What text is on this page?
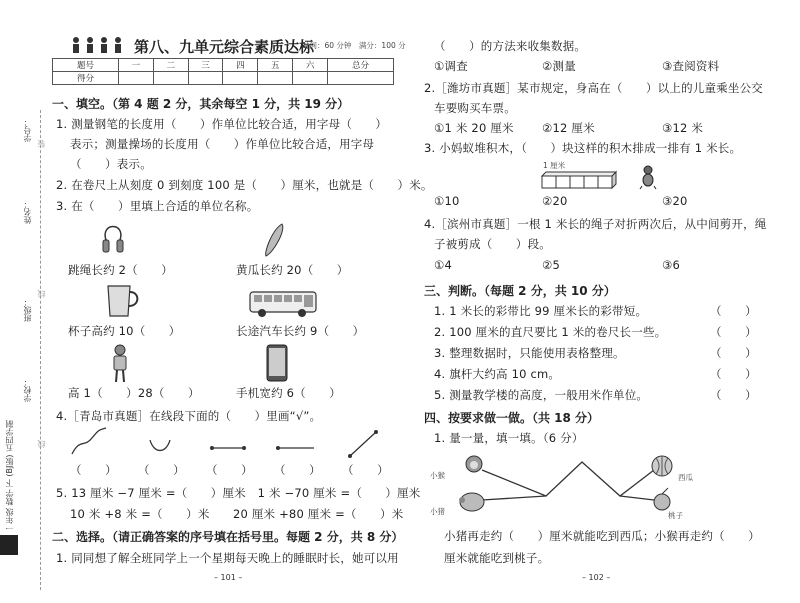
学号：
姓名：
班级：
学校：
一年级 数学 下 (BJ版) 五四学制
装
线
线
第八、九单元综合素质达标
时间：60 分钟　满分：100 分
题号	一	二	三	四	五	六	总分
得分							
一、填空。（第 4 题 2 分，其余每空 1 分，共 19 分）
1. 测量钢笔的长度用（　　）作单位比较合适，用字母（　　）
表示；测量操场的长度用（　　）作单位比较合适，用字母
（　　）表示。
2. 在卷尺上从刻度 0 到刻度 100 是（　　）厘米，也就是（　　）米。
3. 在（　　）里填上合适的单位名称。
跳绳长约 2（　　）	黄瓜长约 20（　　）
杯子高约 10（　　）	长途汽车长约 9（　　）
高 1（　　）28（　　）	手机宽约 6（　　）
4.［青岛市真题］在线段下面的（　　）里画“√”。
（　　） （　　） （　　） （　　） （　　）
5. 13 厘米 −7 厘米 =（　　）厘米　1 米 −70 厘米 =（　　）厘米
10 米 +8 米 =（　　）米　　20 厘米 +80 厘米 =（　　）米
二、选择。（请正确答案的序号填在括号里。每题 2 分，共 8 分）
1. 同同想了解全班同学上一个星期每天晚上的睡眠时长，她可以用
– 101 –
（　　）的方法来收集数据。
①调查	②测量	③查阅资料
2.［潍坊市真题］某市规定，身高在（　　）以上的儿童乘坐公交
车要购买车票。
①1 米 20 厘米 ②12 厘米	③12 米
3. 小妈蚁堆积木，（　　）块这样的积木排成一排有 1 米长。
1 厘米
①10	②20	③20
4.［滨州市真题］一根 1 米长的绳子对折两次后，从中间剪开，绳
子被剪成（　　）段。
①4	②5	③6
三、判断。（每题 2 分，共 10 分）
1. 1 米长的彩带比 99 厘米长的彩带短。	（　　）
2. 100 厘米的直尺要比 1 米的卷尺长一些。	（　　）
3. 整理数据时，只能使用表格整理。	（　　）
4. 旗杆大约高 10 cm。	（　　）
5. 测量教学楼的高度，一般用米作单位。	（　　）
四、按要求做一做。（共 18 分）
1. 量一量，填一填。（6 分）
小猴
小猪
西瓜
桃子
小猪再走约（　　）厘米就能吃到西瓜；小猴再走约（　　）
厘米就能吃到桃子。
– 102 –
